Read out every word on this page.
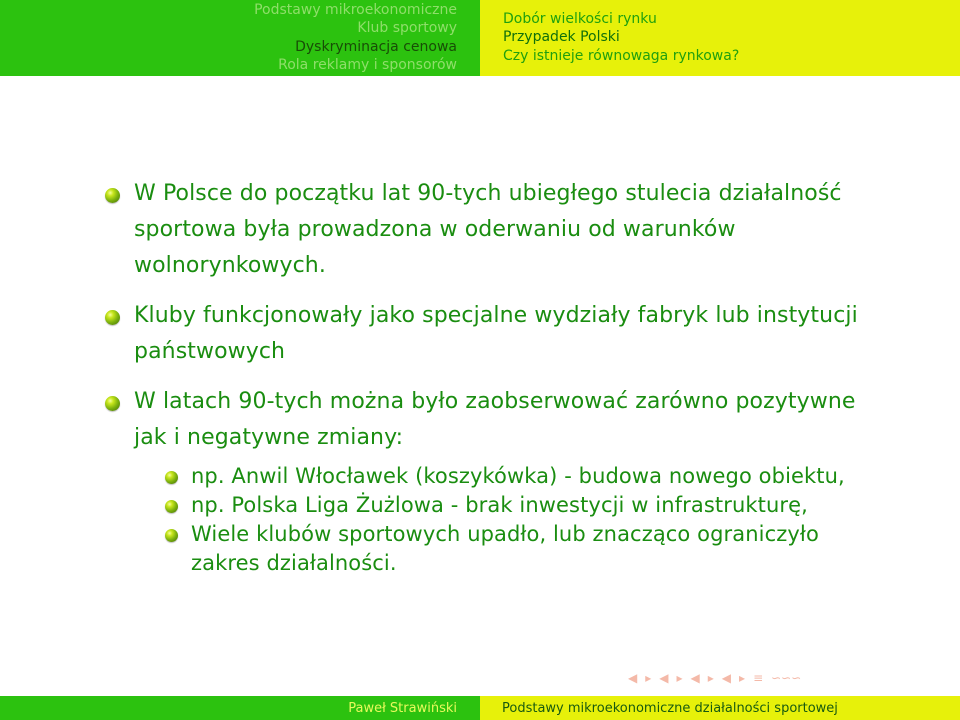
Podstawy mikroekonomiczne
Klub sportowy
Dyskryminacja cenowa
Rola reklamy i sponsorów
Dobór wielkości rynku
Przypadek Polski
Czy istnieje równowaga rynkowa?
W Polsce do początku lat 90-tych ubiegłego stulecia działalność sportowa była prowadzona w oderwaniu od warunków wolnorynkowych.
Kluby funkcjonowały jako specjalne wydziały fabryk lub instytucji państwowych
W latach 90-tych można było zaobserwować zarówno pozytywne jak i negatywne zmiany:
np. Anwil Włocławek (koszykówka) - budowa nowego obiektu,
np. Polska Liga Żużlowa - brak inwestycji w infrastrukturę,
Wiele klubów sportowych upadło, lub znacząco ograniczyło zakres działalności.
◀ ▸ ◀ ▸ ◀ ▸ ◀ ▸ ≡ ∽∽∽
Paweł Strawiński	Podstawy mikroekonomiczne działalności sportowej
